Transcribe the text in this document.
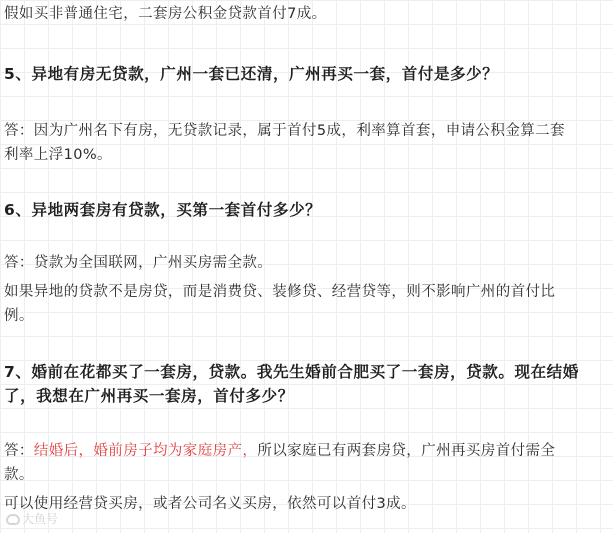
假如买非普通住宅，二套房公积金贷款首付7成。
5、异地有房无贷款，广州一套已还清，广州再买一套，首付是多少？
答：因为广州名下有房，无贷款记录，属于首付5成，利率算首套，申请公积金算二套
利率上浮10%。
6、异地两套房有贷款，买第一套首付多少？
答：贷款为全国联网，广州买房需全款。
如果异地的贷款不是房贷，而是消费贷、装修贷、经营贷等，则不影响广州的首付比
例。
7、婚前在花都买了一套房，贷款。我先生婚前合肥买了一套房，贷款。现在结婚
了，我想在广州再买一套房，首付多少？
答：结婚后，婚前房子均为家庭房产，所以家庭已有两套房贷，广州再买房首付需全
款。
可以使用经营贷买房，或者公司名义买房，依然可以首付3成。
大鱼号
